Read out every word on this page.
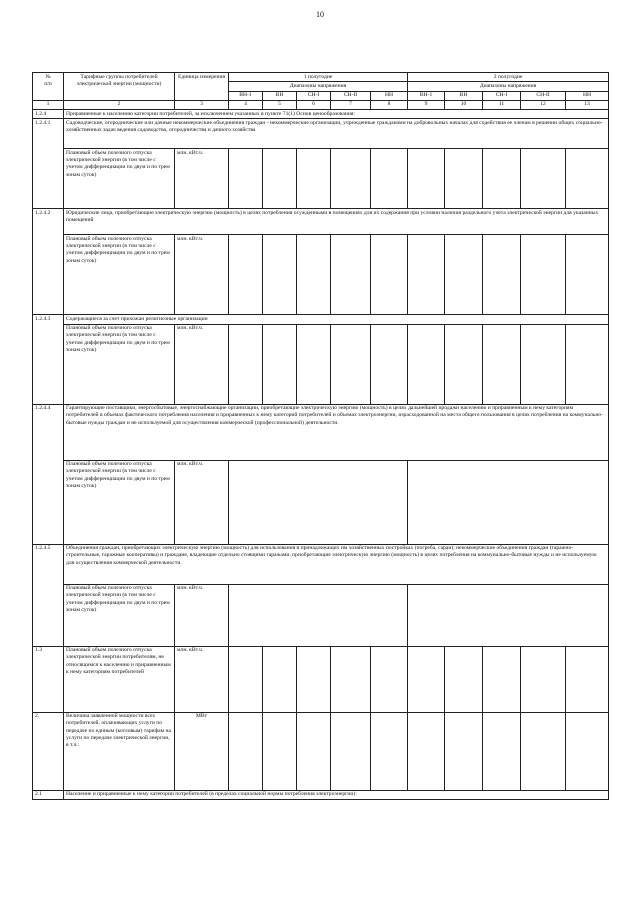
10
№
п/п	Тарифные группы потребителей электрической энергии (мощности)	Единица измерения	1 полугодие					2 полугодие				
			Диапазоны напряжения					Диапазоны напряжения				
			ВН-1	ВН	СН-I	СН-II	НН	ВН-1	ВН	СН-I	СН-II	НН
1	2	3	4	5	6	7	8	9	10	11	12	13
1.2.4	Приравненные к населению категории потребителей, за исключением указанных в пункте 71(1) Основ ценообразования:											
1.2.4.1	Садоводческие, огороднические или дачные некоммерческие объединения граждан - некоммерческие организации, учрежденные гражданами на добровольных началах для содействия ее членам в решении общих социально-хозяйственных задач ведения садоводства, огородничества и дачного хозяйства											
	Плановый объем полезного отпуска электрической энергии (в том числе с учетом дифференциации по двум и по трем зонам суток)	млн. кВт.ч.										
1.2.4.2	Юридические лица, приобретающие электрическую энергию (мощность) в целях потребления осужденными в помещениях для их содержания при условии наличия раздельного учета электрической энергии для указанных помещений											
	Плановый объем полезного отпуска электрической энергии (в том числе с учетом дифференциации по двум и по трем зонам суток)	млн. кВт.ч.										
1.2.4.3	Содержащиеся за счет прихожан религиозные организации											
	Плановый объем полезного отпуска электрической энергии (в том числе с учетом дифференциации по двум и по трем зонам суток)	млн. кВт.ч.										
1.2.4.4	Гарантирующие поставщики, энергосбытовые, энергоснабжающие организации, приобретающие электрическую энергию (мощность) в целях дальнейшей продажи населению и приравненным к нему категориям потребителей в объемах фактического потребления населения и приравненных к нему категорий потребителей и объемах электроэнергии, израсходованной на места общего пользования в целях потребления на коммунально-бытовые нужды граждан и не используемой для осуществления коммерческой (профессиональной) деятельности.											
	Плановый объем полезного отпуска электрической энергии (в том числе с учетом дифференциации по двум и по трем зонам суток)	млн. кВт.ч.										
1.2.4.5	Объединения граждан, приобретающих электрическую энергию (мощность) для использования в принадлежащих им хозяйственных постройках (погреба, сараи); некоммерческие объединения граждан (гаражно-строительные, гаражные кооперативы) и граждане, владеющие отдельно стоящими гаражами, приобретающие электрическую энергию (мощность) в целях потребления на коммунально-бытовые нужды и не используемую для осуществления коммерческой деятельности.											
	Плановый объем полезного отпуска электрической энергии (в том числе с учетом дифференциации по двум и по трем зонам суток)	млн. кВт.ч.										
1.3	Плановый объем полезного отпуска электрической энергии потребителям, не относящимся к населению и приравненным к нему категориям потребителей	млн. кВт.ч.										
2.	Величина заявленной мощности всех потребителей, оплачивающих услуги по передаче по единым (котловым) тарифам на услуги по передаче электрической энергии, в т.ч.:	МВт										
2.1	Население и приравненные к нему категории потребителей (в пределах социальной нормы потребления электроэнергии):											
